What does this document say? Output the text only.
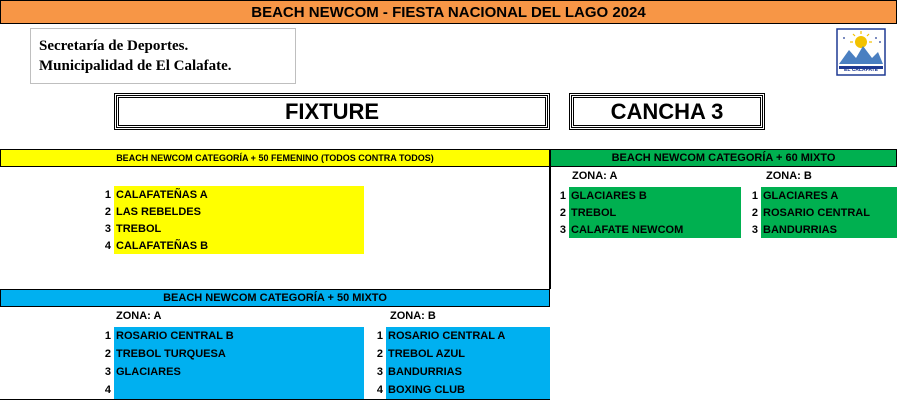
BEACH NEWCOM - FIESTA NACIONAL DEL LAGO 2024
Secretaría de Deportes.
Municipalidad de El Calafate.	EL CALAFATE
FIXTURE	CANCHA 3
BEACH NEWCOM CATEGORÍA + 50 FEMENINO (TODOS CONTRA TODOS)	BEACH NEWCOM CATEGORÍA + 60 MIXTO
BEACH NEWCOM CATEGORÍA + 50 MIXTO
1 CALAFATEÑAS A
2 LAS REBELDES
3 TREBOL
4 CALAFATEÑAS B
ZONA: A
1 GLACIARES B
2 TREBOL
3 CALAFATE NEWCOM
ZONA: B
1 GLACIARES A
2 ROSARIO CENTRAL
3 BANDURRIAS
ZONA: A
1 ROSARIO CENTRAL B
2 TREBOL TURQUESA
3 GLACIARES
4
ZONA: B
1 ROSARIO CENTRAL A
2 TREBOL AZUL
3 BANDURRIAS
4 BOXING CLUB
